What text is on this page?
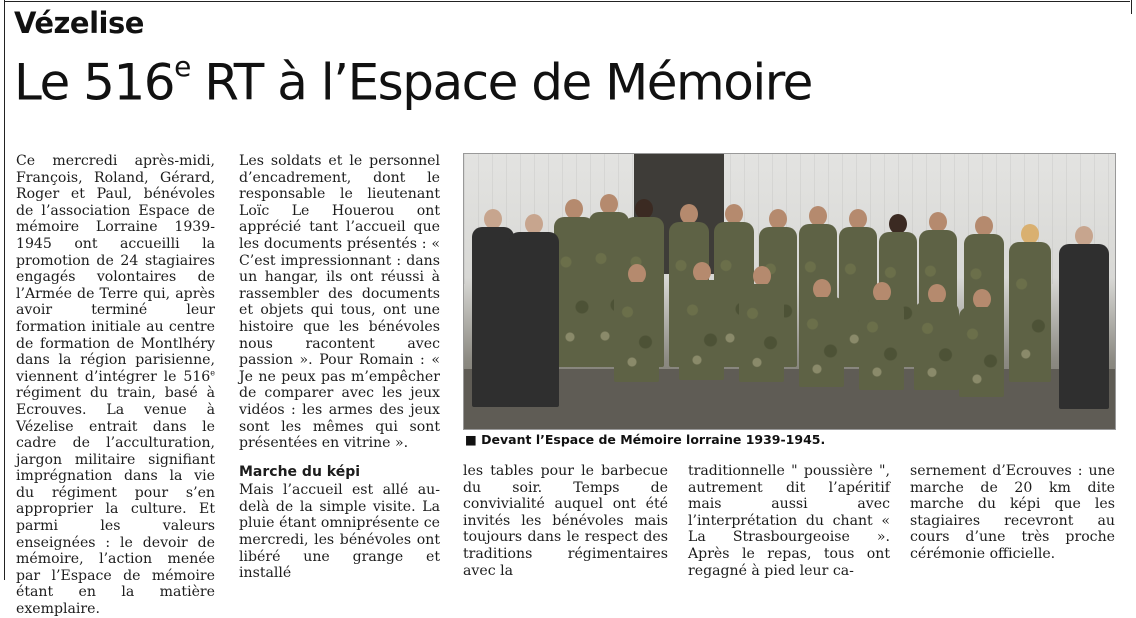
Vézelise
Le 516e RT à l’Espace de Mémoire

Ce mercredi après-midi, François, Roland, Gérard, Roger et Paul, bénévoles de l’association Espace de mémoire Lorraine 1939-1945 ont accueilli la promotion de 24 stagiaires engagés volontaires de l’Armée de Terre qui, après avoir terminé leur formation initiale au centre de formation de Montlhéry dans la région parisienne, viennent d’intégrer le 516e régiment du train, basé à Ecrouves. La venue à Vézelise entrait dans le cadre de l’acculturation, jargon militaire signifiant imprégnation dans la vie du régiment pour s’en approprier la culture. Et parmi les valeurs enseignées : le devoir de mémoire, l’action menée par l’Espace de mémoire étant en la matière exemplaire.

Les soldats et le personnel d’encadrement, dont le responsable le lieutenant Loïc Le Houerou ont apprécié tant l’accueil que les documents présentés : « C’est impressionnant : dans un hangar, ils ont réussi à rassembler des documents et objets qui tous, ont une histoire que les bénévoles nous racontent avec passion ». Pour Romain : « Je ne peux pas m’empêcher de comparer avec les jeux vidéos : les armes des jeux sont les mêmes qui sont présentées en vitrine ».

Marche du képi

Mais l’accueil est allé au-delà de la simple visite. La pluie étant omniprésente ce mercredi, les bénévoles ont libéré une grange et installé

■ Devant l’Espace de Mémoire lorraine 1939-1945.

les tables pour le barbecue du soir. Temps de convivialité auquel ont été invités les bénévoles mais toujours dans le respect des traditions régimentaires avec la

traditionnelle " poussière ", autrement dit l’apéritif mais aussi avec l’interprétation du chant « La Strasbourgeoise ». Après le repas, tous ont regagné à pied leur ca-

sernement d’Ecrouves : une marche de 20 km dite marche du képi que les stagiaires recevront au cours d’une très proche cérémonie officielle.
